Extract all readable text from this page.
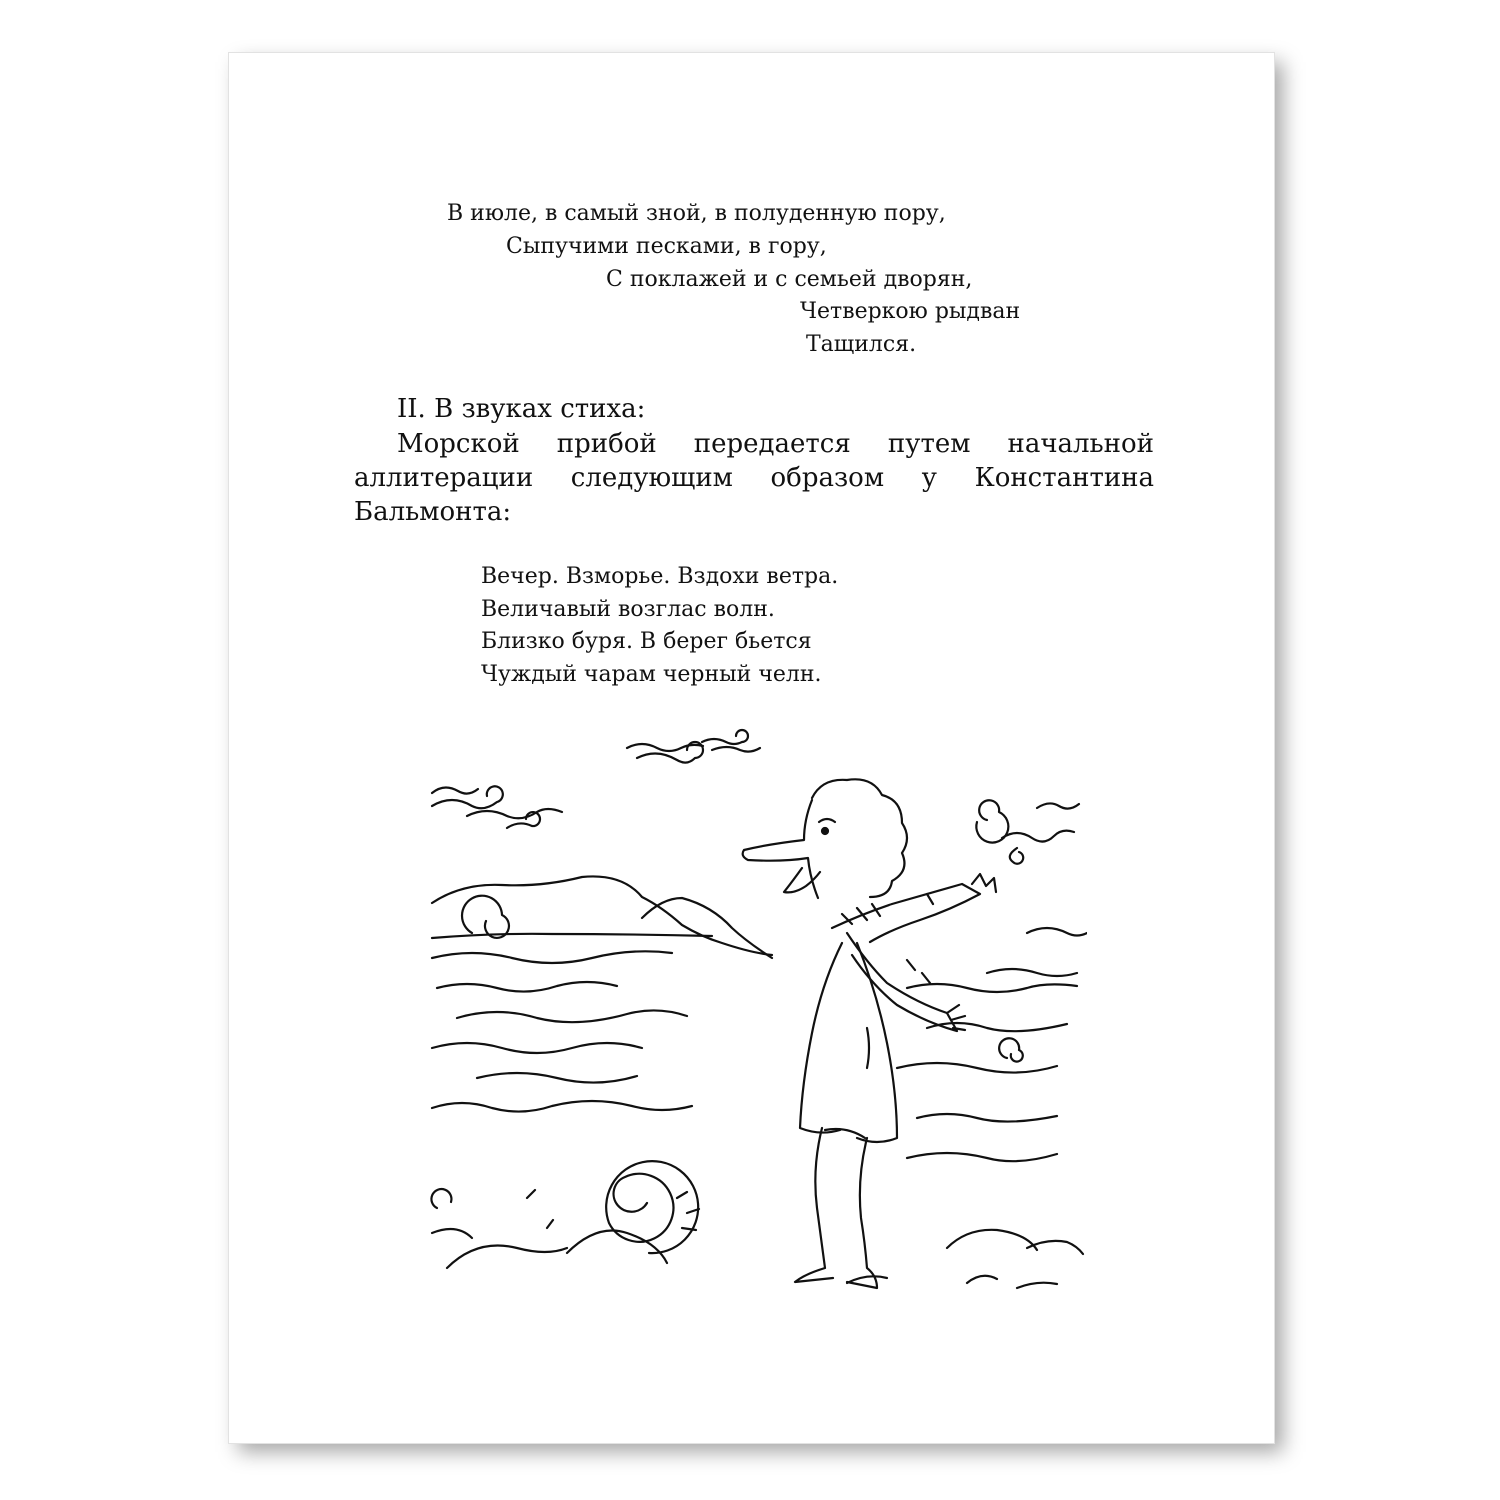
В июле, в самый зной, в полуденную пору,
Сыпучими песками, в гору,
С поклажей и с семьей дворян,
Четверкою рыдван
Тащился.
II. В звуках стиха:
Морской прибой передается путем начальной аллитерации следующим образом у Константина Бальмонта:
Вечер. Взморье. Вздохи ветра.
Величавый возглас волн.
Близко буря. В берег бьется
Чуждый чарам черный челн.
